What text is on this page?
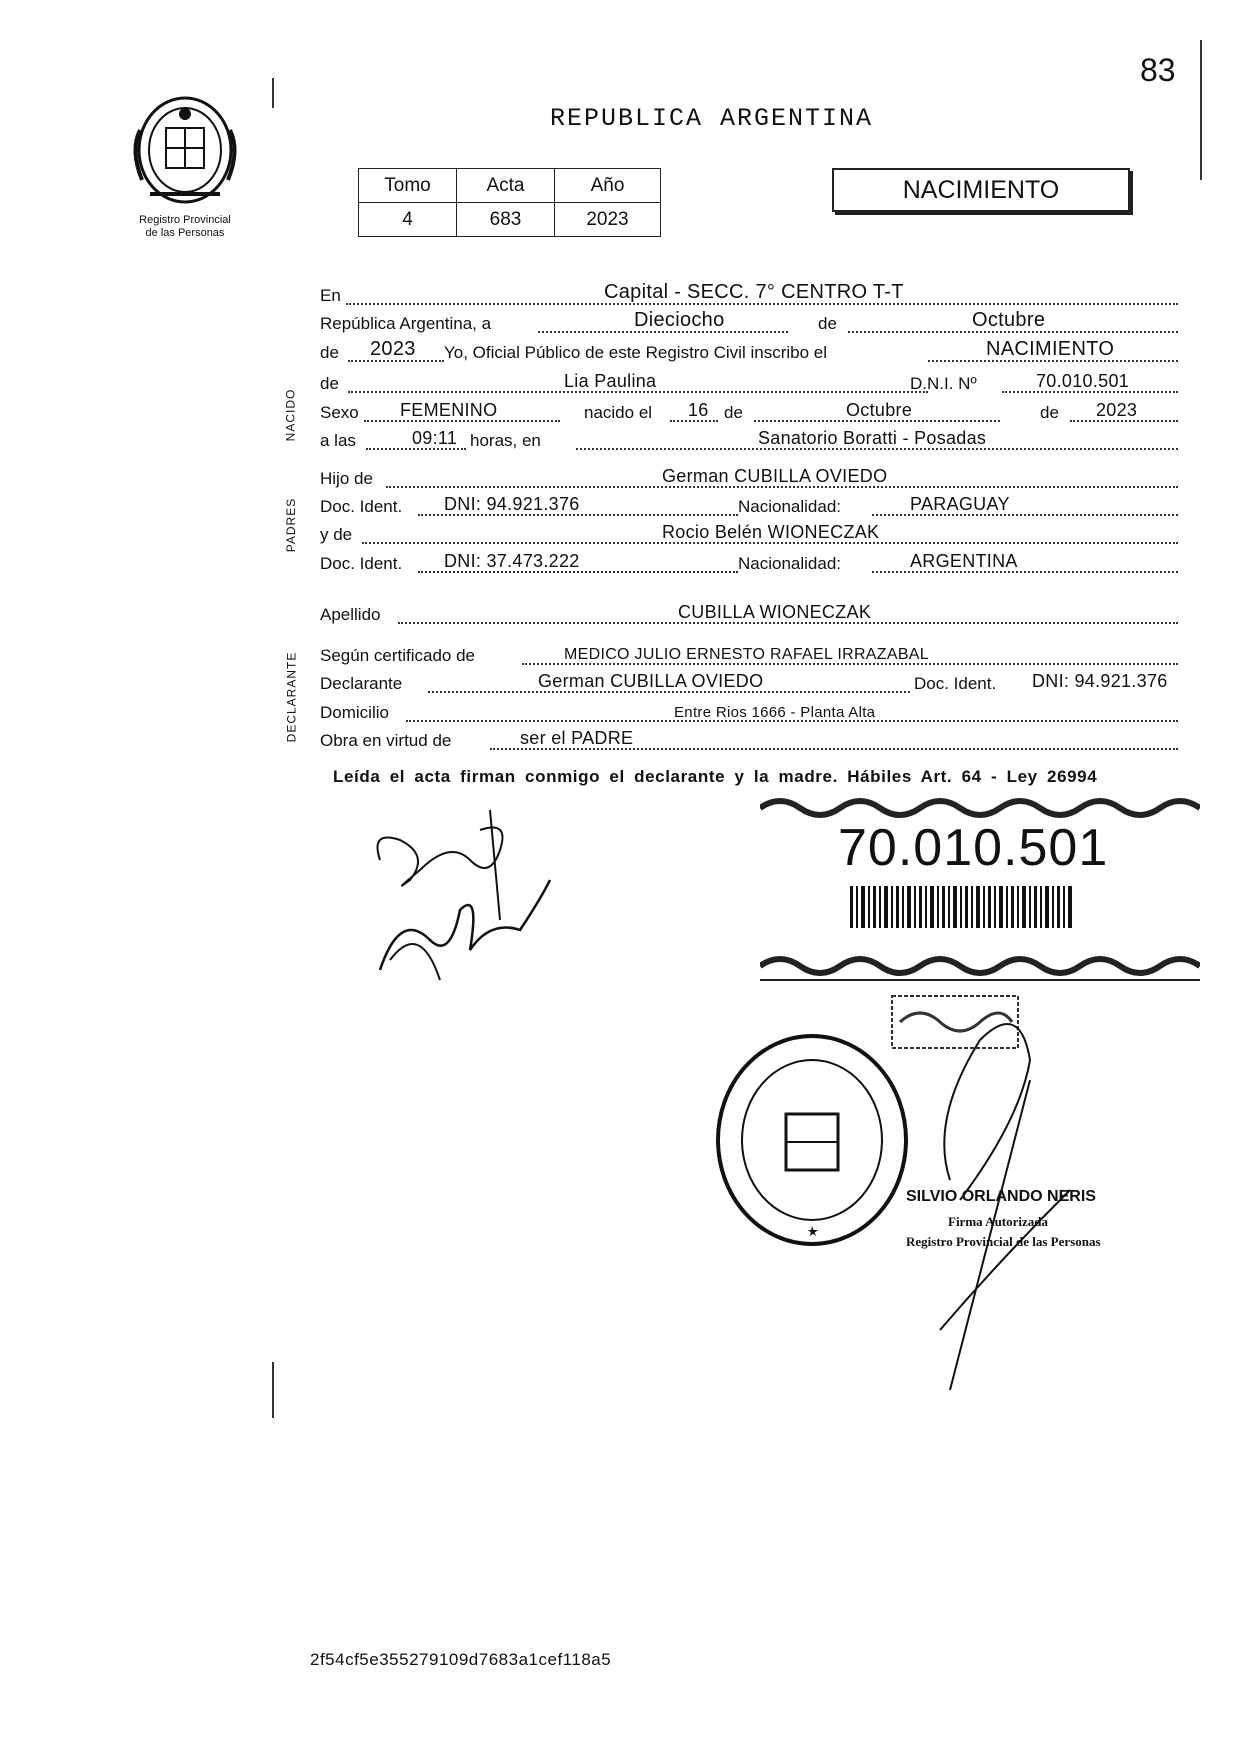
83
Registro Provincial
de las Personas
REPUBLICA ARGENTINA
Tomo	Acta	Año
4	683	2023
NACIMIENTO
NACIDO
PADRES
DECLARANTE
En	Capital - SECC. 7° CENTRO T-T
República Argentina, a	Dieciocho	de	Octubre
de 2023 Yo, Oficial Público de este Registro Civil inscribo el	NACIMIENTO
de	Lia Paulina	D.N.I. Nº	70.010.501
Sexo FEMENINO	nacido el 16 de	Octubre	de 2023
a las	09:11 horas, en	Sanatorio Boratti - Posadas
Hijo de	German CUBILLA OVIEDO
Doc. Ident. DNI: 94.921.376	Nacionalidad:	PARAGUAY
y de	Rocio Belén WIONECZAK
Doc. Ident. DNI: 37.473.222	Nacionalidad:	ARGENTINA
Apellido	CUBILLA WIONECZAK
Según certificado de	MEDICO JULIO ERNESTO RAFAEL IRRAZABAL
Declarante	German CUBILLA OVIEDO	Doc. Ident. DNI: 94.921.376
Domicilio	Entre Rios 1666 - Planta Alta
Obra en virtud de	ser el PADRE
Leída el acta firman conmigo el declarante y la madre. Hábiles Art. 64 - Ley 26994
70.010.501
SILVIO ORLANDO NERIS
Firma Autorizada
Registro Provincial de las Personas
2f54cf5e355279109d7683a1cef118a5
